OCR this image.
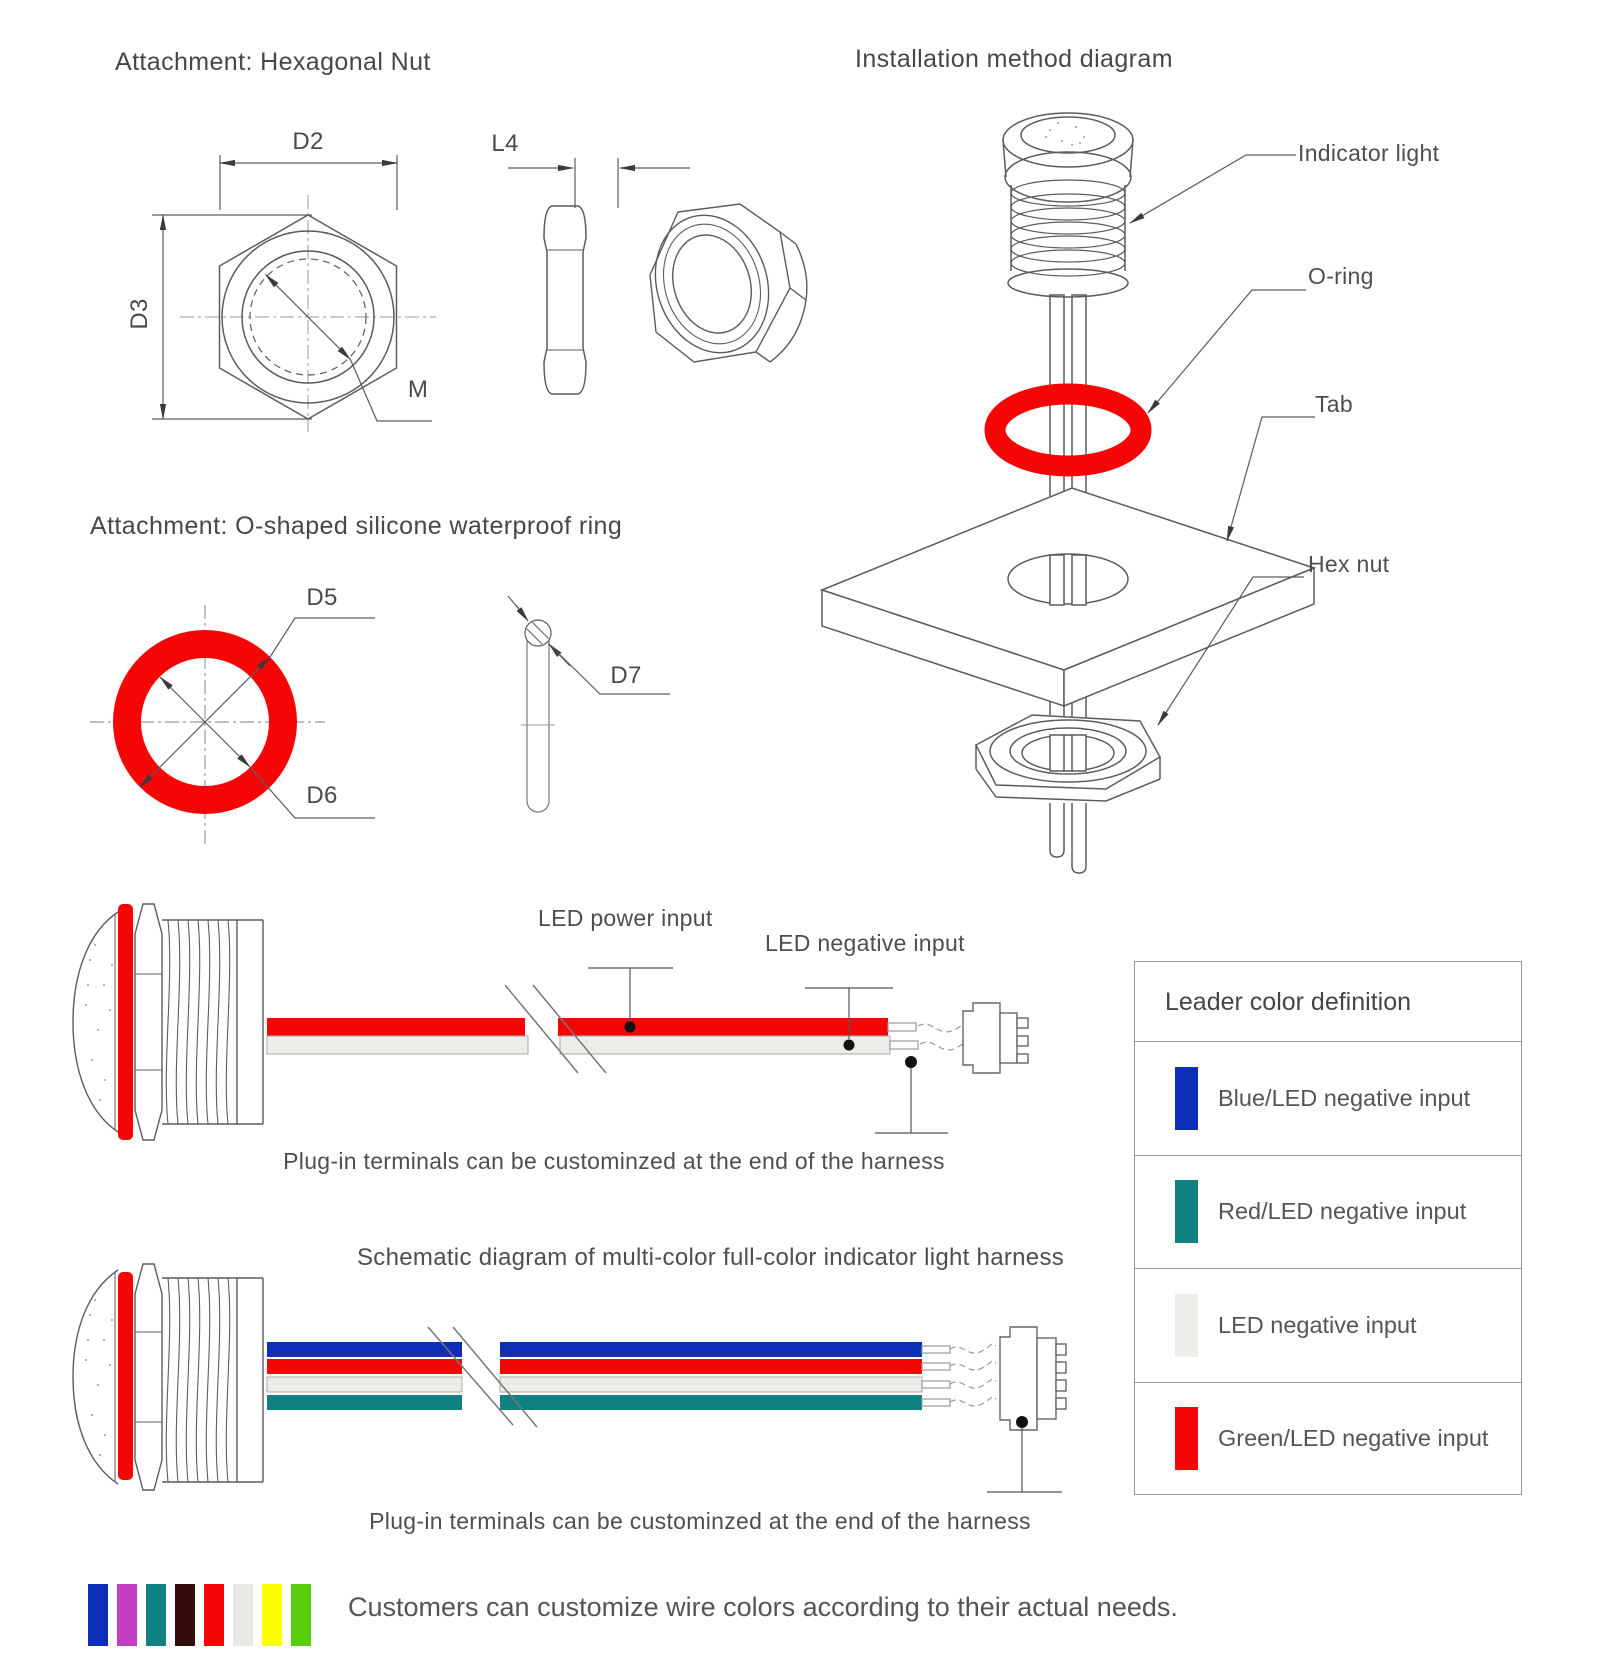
Attachment: Hexagonal Nut	Installation method diagram
Attachment: O-shaped silicone waterproof ring
D2
D3
L4
M
Indicator light
O-ring
Tab
Hex nut
D5
D6
D7
LED power input
LED negative input
Plug-in terminals can be custominzed at the end of the harness
Schematic diagram of multi-color full-color indicator light harness
Plug-in terminals can be custominzed at the end of the harness
Leader color definition
Blue/LED negative input
Red/LED negative input
LED negative input
Green/LED negative input
Customers can customize wire colors according to their actual needs.
